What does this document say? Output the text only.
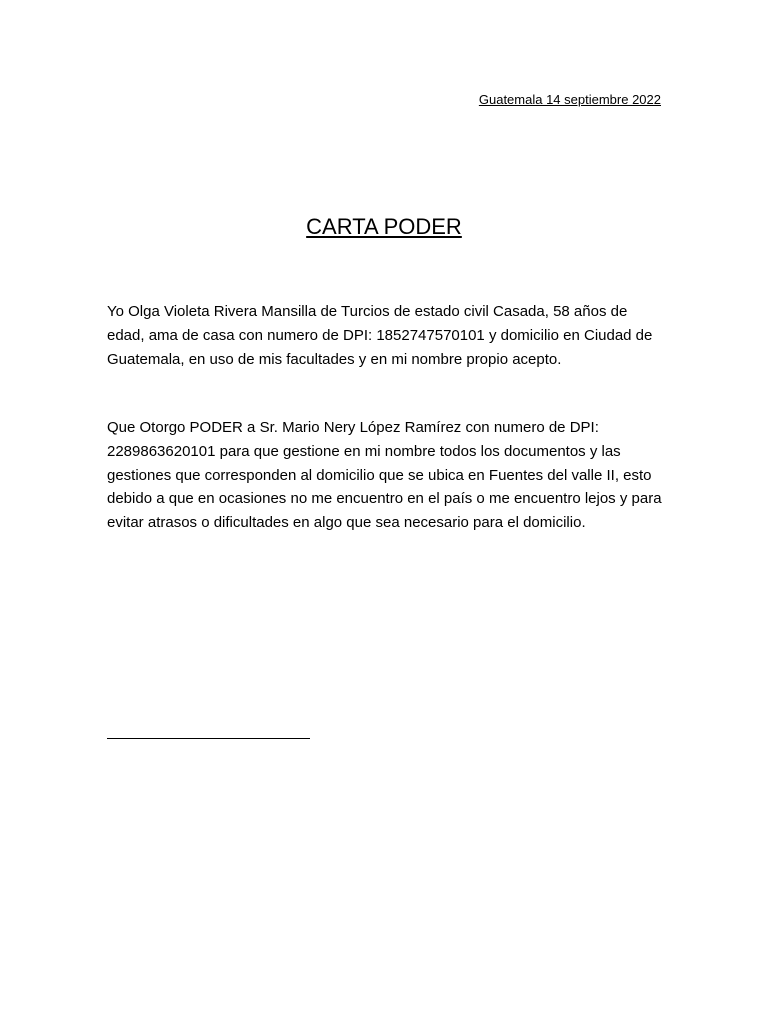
Guatemala 14 septiembre 2022
CARTA PODER

Yo Olga Violeta Rivera Mansilla de Turcios de estado civil Casada, 58 años de edad, ama de casa con numero de DPI: 1852747570101 y domicilio en Ciudad de Guatemala, en uso de mis facultades y en mi nombre propio acepto.

Que Otorgo PODER a Sr. Mario Nery López Ramírez con numero de DPI: 2289863620101 para que gestione en mi nombre todos los documentos y las gestiones que corresponden al domicilio que se ubica en Fuentes del valle II, esto debido a que en ocasiones no me encuentro en el país o me encuentro lejos y para evitar atrasos o dificultades en algo que sea necesario para el domicilio.
